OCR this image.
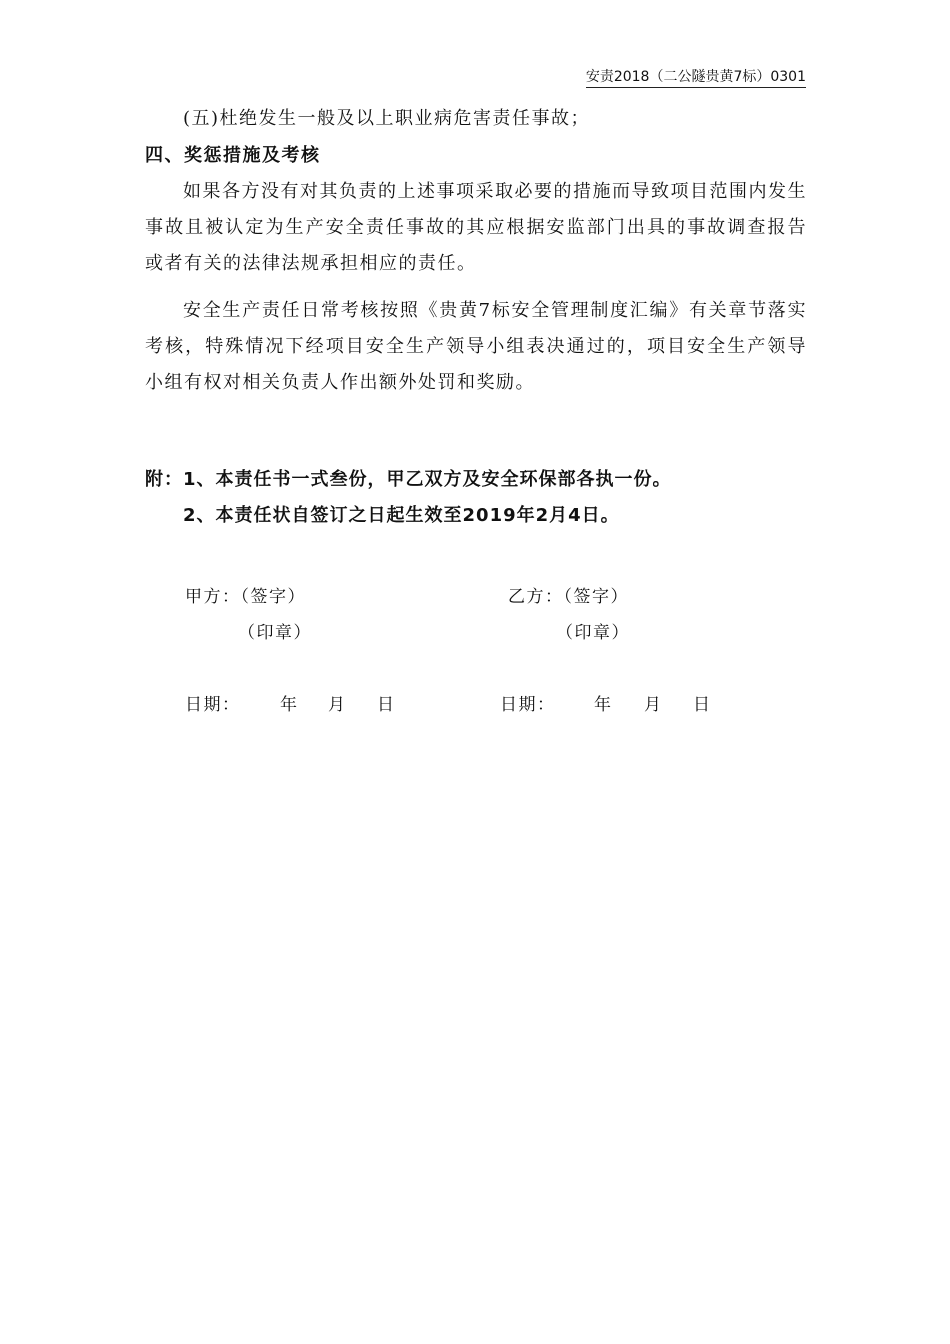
安责2018（二公隧贵黄7标）0301
(五)杜绝发生一般及以上职业病危害责任事故；
四、奖惩措施及考核
如果各方没有对其负责的上述事项采取必要的措施而导致项目范围内发生事故且被认定为生产安全责任事故的其应根据安监部门出具的事故调查报告或者有关的法律法规承担相应的责任。
安全生产责任日常考核按照《贵黄7标安全管理制度汇编》有关章节落实考核，特殊情况下经项目安全生产领导小组表决通过的，项目安全生产领导小组有权对相关负责人作出额外处罚和奖励。
附：1、本责任书一式叁份，甲乙双方及安全环保部各执一份。
2、本责任状自签订之日起生效至2019年2月4日。
甲方：（签字）
（印章）
乙方：（签字）
（印章）
日期： 年 月 日	日期： 年 月 日
